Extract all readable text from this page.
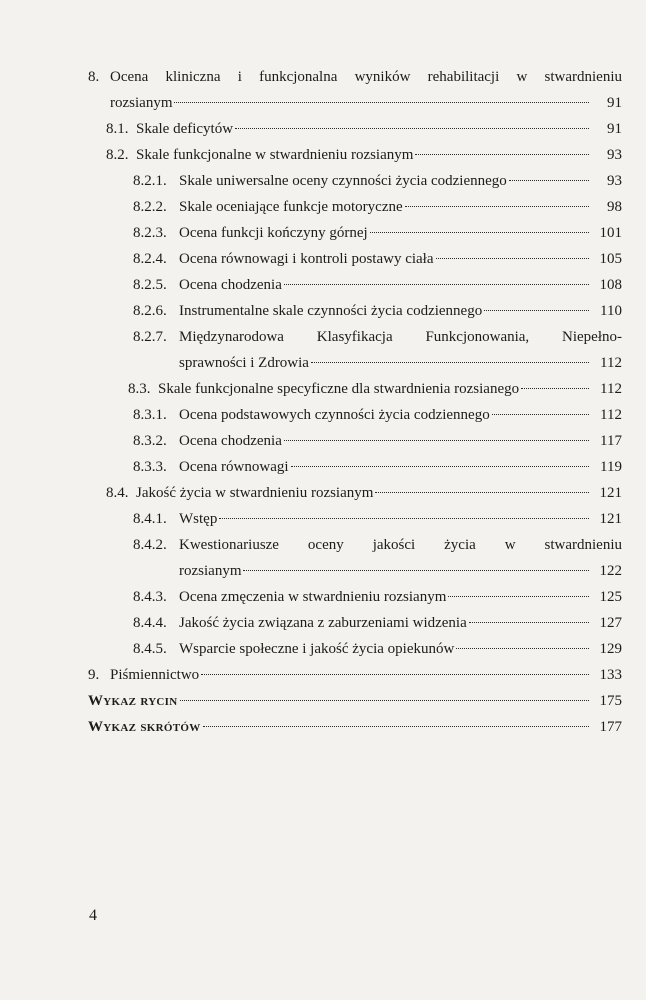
8. Ocena kliniczna i funkcjonalna wyników rehabilitacji w stwardnieniu
rozsianym	91
8.1. Skale deficytów	91
8.2. Skale funkcjonalne w stwardnieniu rozsianym	93
8.2.1. Skale uniwersalne oceny czynności życia codziennego	93
8.2.2. Skale oceniające funkcje motoryczne	98
8.2.3. Ocena funkcji kończyny górnej	101
8.2.4. Ocena równowagi i kontroli postawy ciała	105
8.2.5. Ocena chodzenia	108
8.2.6. Instrumentalne skale czynności życia codziennego	110
8.2.7. Międzynarodowa Klasyfikacja Funkcjonowania, Niepełno-
sprawności i Zdrowia	112
8.3. Skale funkcjonalne specyficzne dla stwardnienia rozsianego	112
8.3.1. Ocena podstawowych czynności życia codziennego	112
8.3.2. Ocena chodzenia	117
8.3.3. Ocena równowagi	119
8.4. Jakość życia w stwardnieniu rozsianym	121
8.4.1. Wstęp	121
8.4.2. Kwestionariusze oceny jakości życia w stwardnieniu
rozsianym	122
8.4.3. Ocena zmęczenia w stwardnieniu rozsianym	125
8.4.4. Jakość życia związana z zaburzeniami widzenia	127
8.4.5. Wsparcie społeczne i jakość życia opiekunów	129
9. Piśmiennictwo	133
Wykaz rycin	175
Wykaz skrótów	177
4
